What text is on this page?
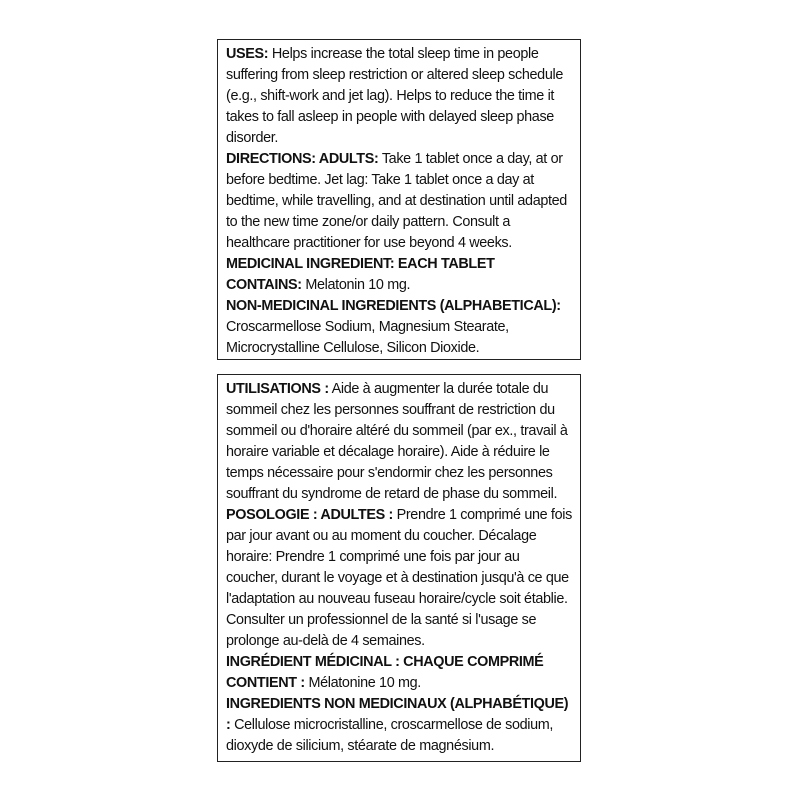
USES: Helps increase the total sleep time in people suffering from sleep restriction or altered sleep schedule (e.g., shift-work and jet lag). Helps to reduce the time it takes to fall asleep in people with delayed sleep phase disorder.

DIRECTIONS: ADULTS: Take 1 tablet once a day, at or before bedtime. Jet lag: Take 1 tablet once a day at bedtime, while travelling, and at destination until adapted to the new time zone/or daily pattern. Consult a healthcare practitioner for use beyond 4 weeks.

MEDICINAL INGREDIENT: EACH TABLET CONTAINS: Melatonin 10 mg.

NON-MEDICINAL INGREDIENTS (ALPHABETICAL): Croscarmellose Sodium, Magnesium Stearate, Microcrystalline Cellulose, Silicon Dioxide.

UTILISATIONS : Aide à augmenter la durée totale du sommeil chez les personnes souffrant de restriction du sommeil ou d'horaire altéré du sommeil (par ex., travail à horaire variable et décalage horaire). Aide à réduire le temps nécessaire pour s'endormir chez les personnes souffrant du syndrome de retard de phase du sommeil.

POSOLOGIE : ADULTES : Prendre 1 comprimé une fois par jour avant ou au moment du coucher. Décalage horaire: Prendre 1 comprimé une fois par jour au coucher, durant le voyage et à destination jusqu'à ce que l'adaptation au nouveau fuseau horaire/cycle soit établie. Consulter un professionnel de la santé si l'usage se prolonge au-delà de 4 semaines.

INGRÉDIENT MÉDICINAL : CHAQUE COMPRIMÉ CONTIENT : Mélatonine 10 mg.

INGREDIENTS NON MEDICINAUX (ALPHABÉTIQUE) : Cellulose microcristalline, croscarmellose de sodium, dioxyde de silicium, stéarate de magnésium.
